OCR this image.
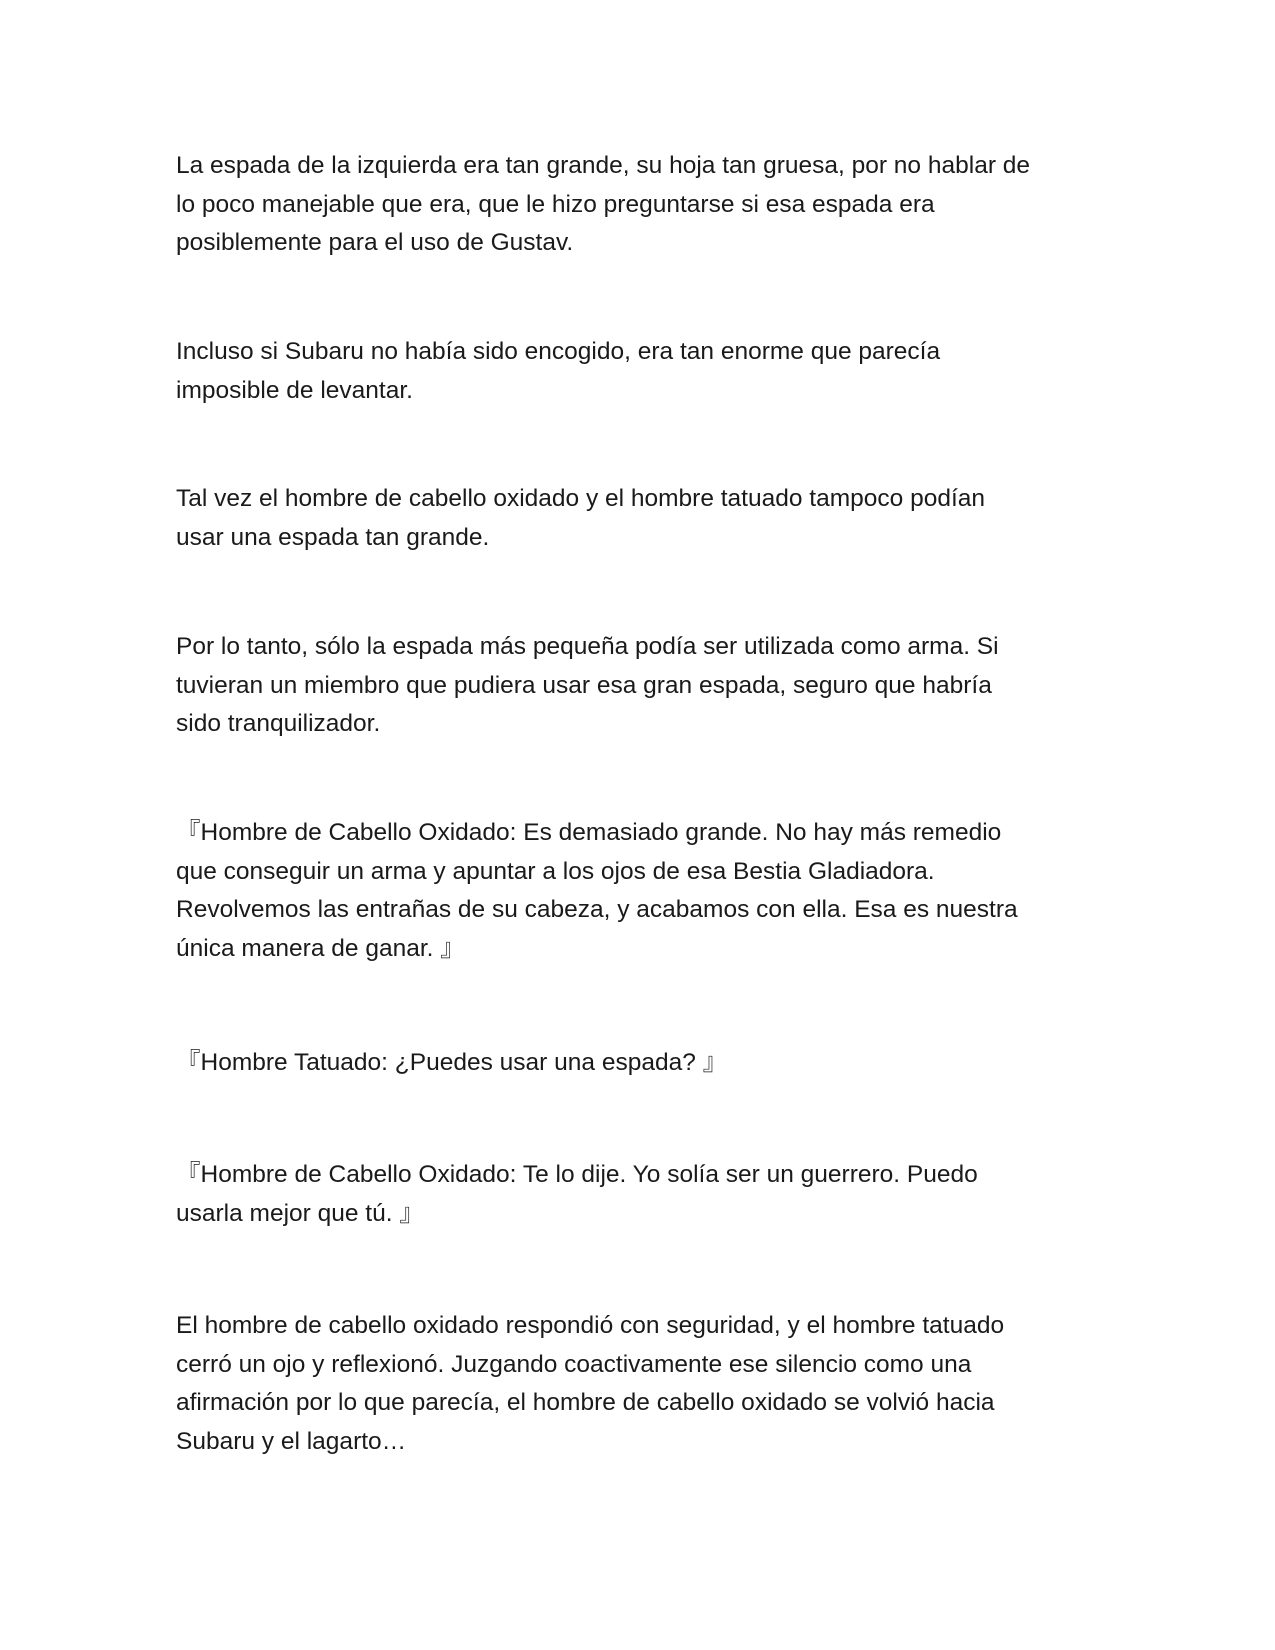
La espada de la izquierda era tan grande, su hoja tan gruesa, por no hablar de
lo poco manejable que era, que le hizo preguntarse si esa espada era
posiblemente para el uso de Gustav.

Incluso si Subaru no había sido encogido, era tan enorme que parecía
imposible de levantar.

Tal vez el hombre de cabello oxidado y el hombre tatuado tampoco podían
usar una espada tan grande.

Por lo tanto, sólo la espada más pequeña podía ser utilizada como arma. Si
tuvieran un miembro que pudiera usar esa gran espada, seguro que habría
sido tranquilizador.

『Hombre de Cabello Oxidado: Es demasiado grande. No hay más remedio
que conseguir un arma y apuntar a los ojos de esa Bestia Gladiadora.
Revolvemos las entrañas de su cabeza, y acabamos con ella. Esa es nuestra
única manera de ganar. 』

『Hombre Tatuado: ¿Puedes usar una espada? 』

『Hombre de Cabello Oxidado: Te lo dije. Yo solía ser un guerrero. Puedo
usarla mejor que tú. 』

El hombre de cabello oxidado respondió con seguridad, y el hombre tatuado
cerró un ojo y reflexionó. Juzgando coactivamente ese silencio como una
afirmación por lo que parecía, el hombre de cabello oxidado se volvió hacia
Subaru y el lagarto…
